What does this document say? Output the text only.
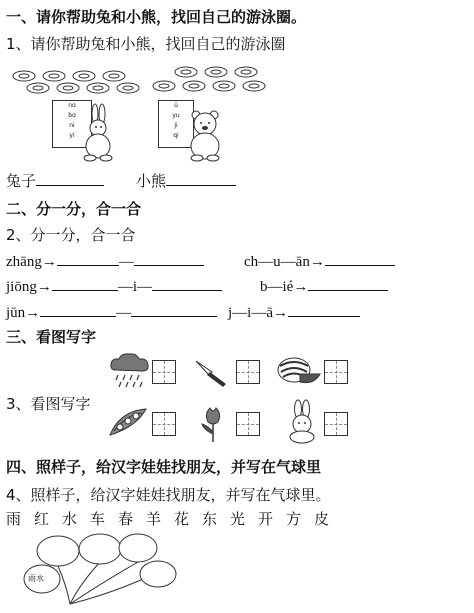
一、请你帮助兔和小熊，找回自己的游泳圈。
1、请你帮助兔和小熊，找回自己的游泳圈
nɑ
bɑ
ni
yi
ü
yu
ji
qi
兔子	小熊
二、分一分，合一合
2、分一分，合一合
zhāng→	—	ch—u—ān→
jiōng→	—i—	b—ié→
jūn→	—	j—i—ā→
三、看图写字
3、看图写字
四、照样子，给汉字娃娃找朋友，并写在气球里
4、照样子，给汉字娃娃找朋友，并写在气球里。
雨 红 水 车 春 羊 花 东 光 开 方 皮
雨水
